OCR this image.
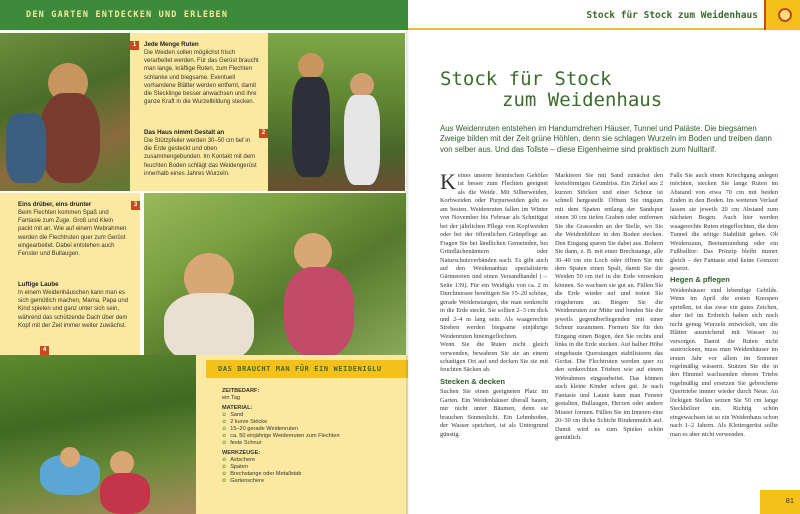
DEN GARTEN ENTDECKEN UND ERLEBEN	Stock für Stock zum Weidenhaus
1	Jede Menge Ruten
Die Weiden sollen möglichst frisch verarbeitet werden. Für das Gerüst braucht man lange, kräftige Ruten, zum Flechten schlanke und biegsame. Eventuell vorhandene Blätter werden entfernt, damit die Stecklinge besser anwachsen und ihre ganze Kraft in die Wurzelbildung stecken.
2
Das Haus nimmt Gestalt an
Die Stützpfeiler werden 30–50 cm tief in die Erde gesteckt und oben zusammengebunden. Im Kontakt mit dem feuchten Boden schlägt das Weidengerüst innerhalb eines Jahres Wurzeln.
3
Eins drüber, eins drunter
Beim Flechten kommen Spaß und Fantasie zum Zuge. Groß und Klein packt mit an. Wie auf einem Webrahmen werden die Flechtruten quer zum Gerüst eingearbeitet. Dabei entstehen auch Fenster und Bullaugen.
4
Luftige Laube
In einem Weidenhäuschen kann man es sich gemütlich machen, Mama, Papa und Kind spielen und ganz unter sich sein, während das schützende Dach über dem Kopf mit der Zeit immer weiter zuwächst.
DAS BRAUCHT MAN FÜR EIN WEIDENIGLU
ZEITBEDARF:
ein Tag
MATERIAL:
✿ Sand
✿ 2 kurze Stöcke
✿ 15–20 gerade Weidenruten
✿ ca. 50 einjährige Weidenruten zum Flechten
✿ feste Schnur
WERKZEUGE:
✿ Astschere
✿ Spaten
✿ Brechstange oder Metallstab
✿ Gartenschere
Stock für Stock
zum Weidenhaus
Aus Weidenruten entstehen im Handumdrehen Häuser, Tunnel und Paläste. Die biegsamen Zweige bilden mit der Zeit grüne Höhlen, denn sie schlagen Wurzeln im Boden und treiben dann von selber aus. Und das Tollste – diese Eigenheime sind praktisch zum Nulltarif.
K eines unserer heimischen Gehölze ist besser zum Flechten geeignet als die Weide. Mit Silberweiden, Korbweiden oder Purpurweiden geht es am besten. Weidenruten fallen im Winter von November bis Februar als Schnittgut bei der jährlichen Pflege von Kopfweiden oder bei der öffentlichen Grünpflege an. Fragen Sie bei ländlichen Gemeinden, bei Grünflächenämtern oder Naturschutzverbänden nach. Es gibt auch auf den Weidenanbau spezialisierte Gärtnereien und einen Versandhandel (→ Seite 139). Für ein Weidiglu von ca. 2 m Durchmesser benötigen Sie 15–20 schöne, gerade Weidenstangen, die man senkrecht in die Erde steckt. Sie sollten 2–3 cm dick und 2–4 m lang sein. Als waagerechte Streben werden biegsame einjährige Weidenruten hineingeflochten.
Wenn Sie die Ruten nicht gleich verwenden, bewahren Sie sie an einem schattigen Ort auf und decken Sie sie mit feuchten Säcken ab.
Stecken & decken
Suchen Sie einen geeigneten Platz im Garten. Ein Weidenhäuser überall bauen, nur nicht unter Bäumen, denn sie brauchen Sonnenlicht. Ein Lehmboden, der Wasser speichert, ist als Untergrund günstig.
Markieren Sie mit Sand zunächst den kreisförmigen Grundriss. Ein Zirkel aus 2 kurzen Stöcken und einer Schnur ist schnell hergestellt. Öffnen Sie ringsum mit dem Spaten entlang der Sandspur einen 30 cm tiefen Graben oder entfernen Sie die Grassoden an der Stelle, wo Sie die Weidenhölzer in den Boden stecken. Den Eingang sparen Sie dabei aus. Bohren Sie dann, z. B. mit einer Brechstange, alle 30–40 cm ein Loch oder öffnen Sie mit dem Spaten einen Spalt, damit Sie die Weiden 50 cm tief in die Erde versenken können. So wachsen sie gut an. Füllen Sie die Erde wieder auf und treten Sie ringsherum an. Biegen Sie die Weidenruten zur Mitte und binden Sie die jeweils gegenüberliegenden mit einer Schnur zusammen. Formen Sie für den Eingang einen Bogen, den Sie rechts und links in die Erde stecken. Auf halber Höhe eingebaute Querstangen stabilisieren das Gerüst. Die Flechtruten werden quer zu den senkrechten Trieben wie auf einem Webrahmen eingearbeitet. Das können auch kleine Kinder schon gut. Je nach Fantasie und Laune kann man Fenster gestalten, Bullaugen, Herzen oder andere Muster formen. Füllen Sie im Inneren eine 20–30 cm dicke Schicht Rindenmulch auf. Damit wird es zum Spielen schön gemütlich.
Falls Sie auch einen Kriechgang anlegen möchten, stecken Sie lange Ruten im Abstand von etwa 70 cm mit beiden Enden in den Boden. Im weiteren Verlauf lassen sie jeweils 20 cm Abstand zum nächsten Bogen. Auch hier werden waagerechte Ruten eingeflochten, die dem Tunnel die nötige Stabilität geben. Ob Weidenzaun, Beetumrandung oder ein Fußballtor: Das Prinzip bleibt immer gleich – der Fantasie sind keine Grenzen gesetzt.
Hegen & pflegen
Weidenhäuser sind lebendige Gebilde. Wenn im April die ersten Knospen sprießen, ist das zwar ein gutes Zeichen, aber tief im Erdreich haben sich noch nicht genug Wurzeln entwickelt, um die Blätter ausreichend mit Wasser zu versorgen. Damit die Ruten nicht austrocknen, muss man Weidenhäuser im ersten Jahr vor allem im Sommer regelmäßig wässern. Stutzen Sie die in den Himmel wachsenden oberen Triebe regelmäßig und ersetzen Sie gebrochene Quertriebe immer wieder durch Neue. An löckigen Stellen setzen Sie 50 cm lange Steckhölzer ein. Richtig schön eingewachsen ist so ein Weidenhaus schon nach 1–2 Jahren. Als Klettergerüst sollte man es aber nicht verwenden.
81
